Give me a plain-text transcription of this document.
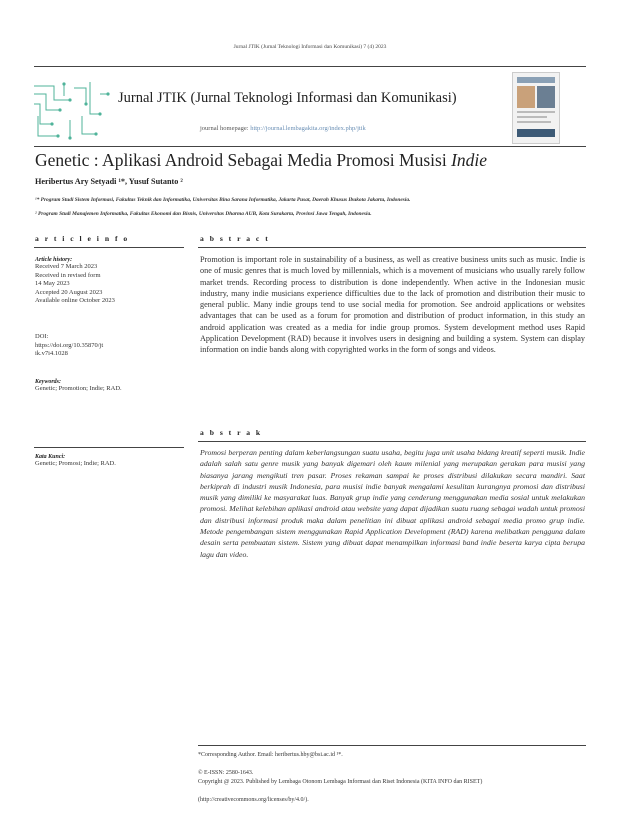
Jurnal JTIK (Jurnal Teknologi Informasi dan Komunikasi) 7 (4) 2023
Jurnal JTIK (Jurnal Teknologi Informasi dan Komunikasi)
journal homepage: http://journal.lembagakita.org/index.php/jtik
Genetic : Aplikasi Android Sebagai Media Promosi Musisi Indie
Heribertus Ary Setyadi ¹*, Yusuf Sutanto ²
¹* Program Studi Sistem Informasi, Fakultas Teknik dan Informatika, Universitas Bina Sarana Informatika, Jakarta Pusat, Daerah Khusus Ibukota Jakarta, Indonesia.
² Program Studi Manajemen Informatika, Fakultas Ekonomi dan Bisnis, Universitas Dharma AUB, Kota Surakarta, Provinsi Jawa Tengah, Indonesia.
a r t i c l e i n f o	a b s t r a c t
Article history:
Received 7 March 2023
Received in revised form
14 May 2023
Accepted 20 August 2023
Available online October 2023
DOI:
https://doi.org/10.35870/jt
ik.v7i4.1028
Keywords:
Genetic; Promotion; Indie; RAD.
Kata Kunci:
Genetic; Promosi; Indie; RAD.
Promotion is important role in sustainability of a business, as well as creative business units such as music. Indie is one of music genres that is much loved by millennials, which is a movement of musicians who usually rarely follow market trends. Recording process to distribution is done independently. When active in the Indonesian music industry, many indie musicians experience difficulties due to the lack of promotion and distribution their music to general public. Many indie groups tend to use social media for promotion. See android applications or websites advantages that can be used as a forum for promotion and distribution of product information, in this study an android application was created as a media for indie group promos. System development method uses Rapid Application Development (RAD) because it involves users in designing and building a system. System can display information on indie bands along with copyrighted works in the form of songs and videos.
a b s t r a k
Promosi berperan penting dalam keberlangsungan suatu usaha, begitu juga unit usaha bidang kreatif seperti musik. Indie adalah salah satu genre musik yang banyak digemari oleh kaum milenial yang merupakan gerakan para musisi yang biasanya jarang mengikuti tren pasar. Proses rekaman sampai ke proses distribusi dilakukan secara mandiri. Saat berkiprah di industri musik Indonesia, para musisi indie banyak mengalami kesulitan kurangnya promosi dan distribusi musik yang dimiliki ke masyarakat luas. Banyak grup indie yang cenderung menggunakan media sosial untuk melakukan promosi. Melihat kelebihan aplikasi android atau website yang dapat dijadikan suatu ruang sebagai wadah untuk promosi dan distribusi informasi produk maka dalam penelitian ini dibuat aplikasi android sebagai media promo grup indie. Metode pengembangan sistem menggunakan Rapid Application Development (RAD) karena melibatkan pengguna dalam desain serta pembuatan sistem. Sistem yang dibuat dapat menampilkan informasi band indie beserta karya cipta berupa lagu dan video.
*Corresponding Author. Email: heribertus.hby@bsi.ac.id ¹*.
© E-ISSN: 2580-1643.
Copyright @ 2023. Published by Lembaga Otonom Lembaga Informasi dan Riset Indonesia (KITA INFO dan RISET)
(http://creativecommons.org/licenses/by/4.0/).
